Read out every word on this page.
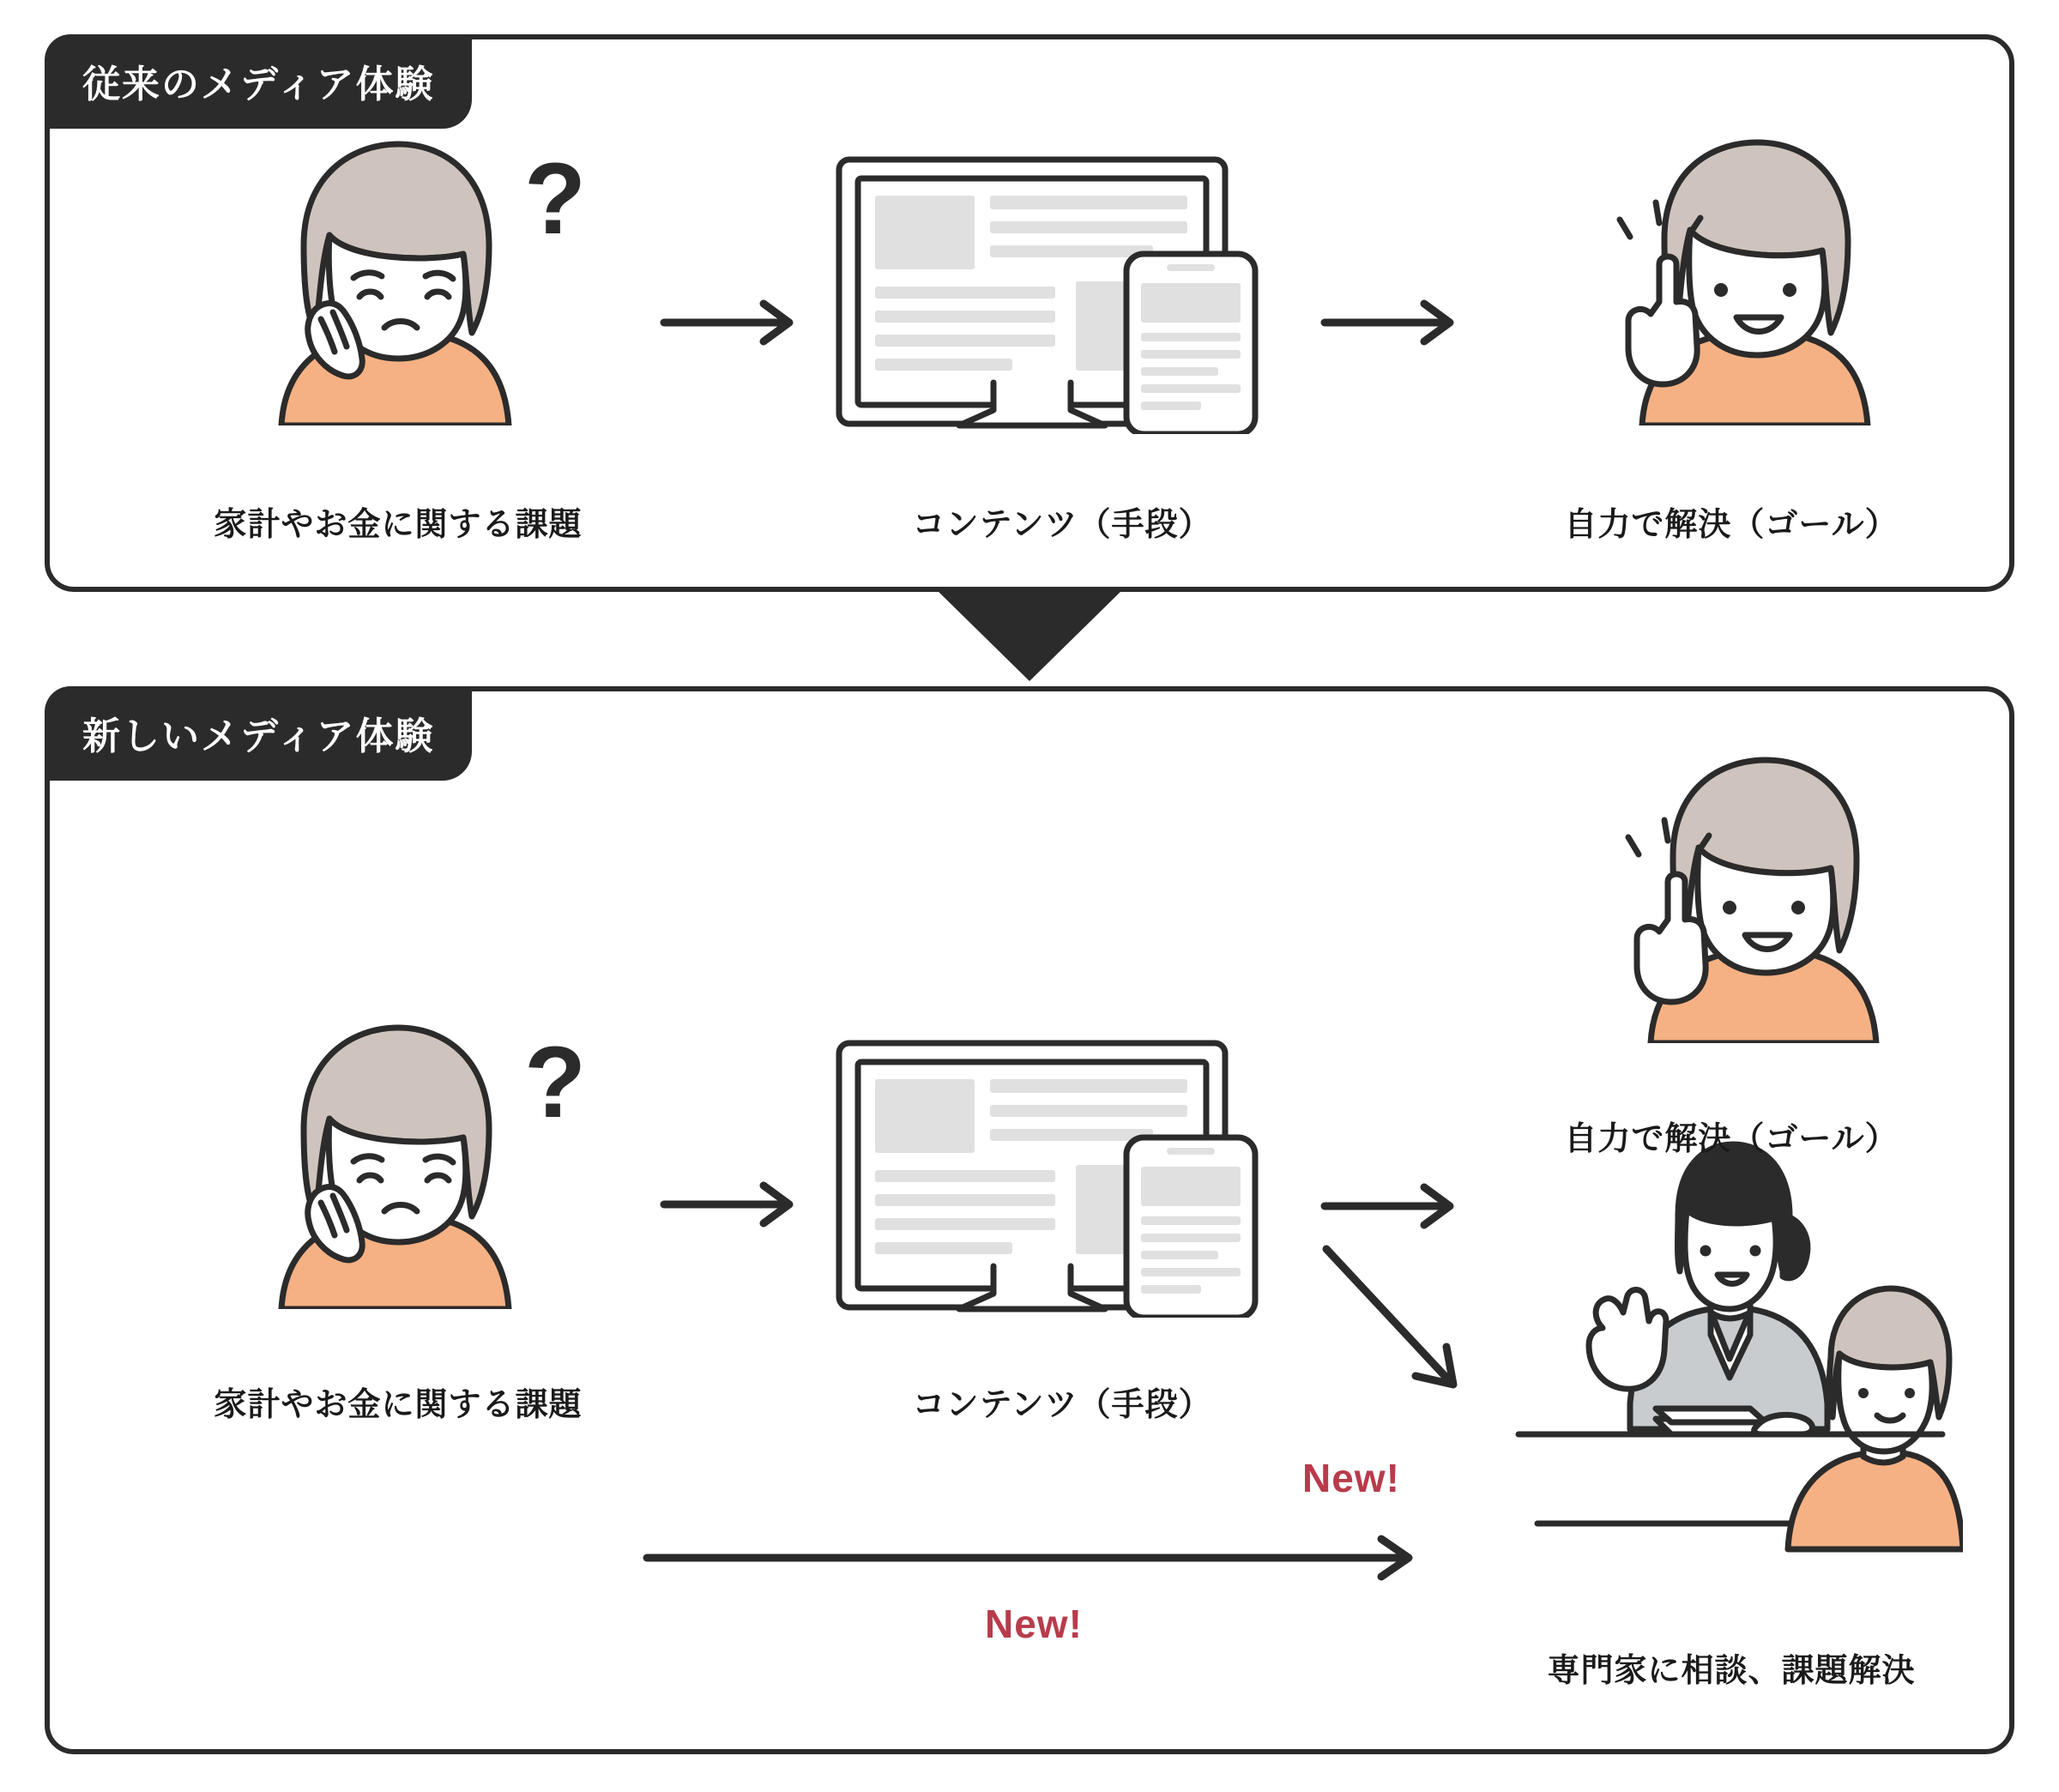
従来のメディア体験
?
家計やお金に関する課題	コンテンツ（手段）	自力で解決（ゴール）
新しいメディア体験
?
New!
New!
家計やお金に関する課題	コンテンツ（手段）
自力で解決（ゴール）
専門家に相談、課題解決
